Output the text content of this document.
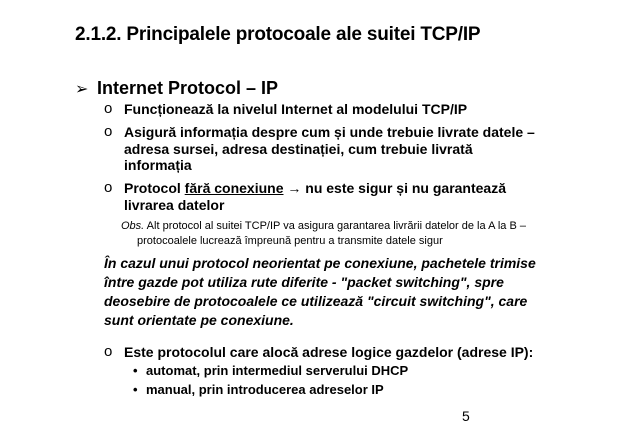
2.1.2. Principalele protocoale ale suitei TCP/IP
➢ Internet Protocol – IP
o Funcționează la nivelul Internet al modelului TCP/IP
o Asigură informația despre cum și unde trebuie livrate datele –
adresa sursei, adresa destinației, cum trebuie livrată
informația
o Protocol fără conexiune → nu este sigur și nu garantează
livrarea datelor
Obs. Alt protocol al suitei TCP/IP va asigura garantarea livrării datelor de la A la B –
protocoalele lucrează împreună pentru a transmite datele sigur
În cazul unui protocol neorientat pe conexiune, pachetele trimise
între gazde pot utiliza rute diferite - "packet switching", spre
deosebire de protocoalele ce utilizează "circuit switching", care
sunt orientate pe conexiune.
o Este protocolul care alocă adrese logice gazdelor (adrese IP):
• automat, prin intermediul serverului DHCP
• manual, prin introducerea adreselor IP
5
